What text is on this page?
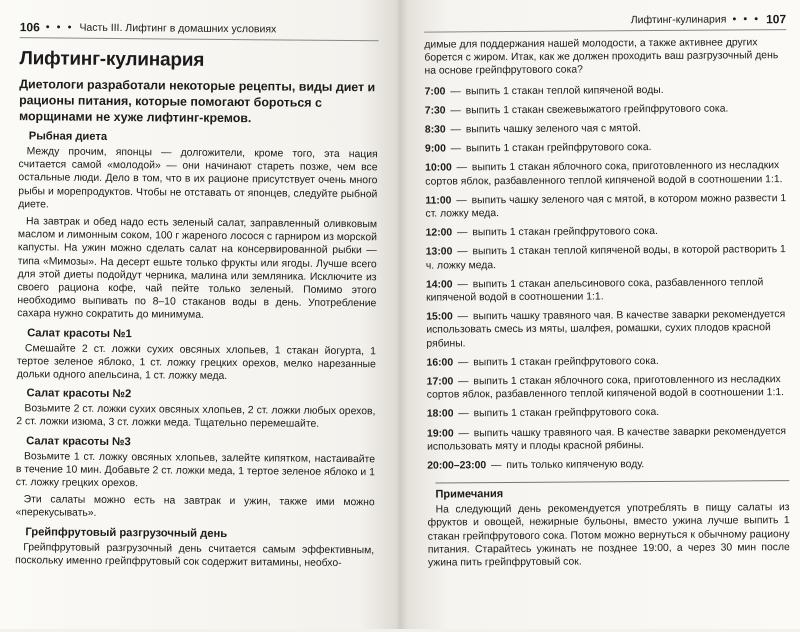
106 • • • Часть III. Лифтинг в домашних условиях
Лифтинг-кулинария
Диетологи разработали некоторые рецепты, виды диет и рационы питания, которые помогают бороться с морщинами не хуже лифтинг-кремов.
Рыбная диета

Между прочим, японцы — долгожители, кроме того, эта нация считается самой «молодой» — они начинают стареть позже, чем все остальные люди. Дело в том, что в их рационе присутствует очень много рыбы и морепродуктов. Чтобы не отставать от японцев, следуйте рыбной диете.

На завтрак и обед надо есть зеленый салат, заправленный оливковым маслом и лимонным соком, 100 г жареного лосося с гарниром из морской капусты. На ужин можно сделать салат на консервированной рыбки — типа «Мимозы». На десерт ешьте только фрукты или ягоды. Лучше всего для этой диеты подойдут черника, малина или земляника. Исключите из своего рациона кофе, чай пейте только зеленый. Помимо этого необходимо выпивать по 8–10 стаканов воды в день. Употребление сахара нужно сократить до минимума.

Салат красоты №1

Смешайте 2 ст. ложки сухих овсяных хлопьев, 1 стакан йогурта, 1 тертое зеленое яблоко, 1 ст. ложку грецких орехов, мелко нарезанные дольки одного апельсина, 1 ст. ложку меда.

Салат красоты №2

Возьмите 2 ст. ложки сухих овсяных хлопьев, 2 ст. ложки любых орехов, 2 ст. ложки изюма, 3 ст. ложки меда. Тщательно перемешайте.

Салат красоты №3

Возьмите 1 ст. ложку овсяных хлопьев, залейте кипятком, настаивайте в течение 10 мин. Добавьте 2 ст. ложки меда, 1 тертое зеленое яблоко и 1 ст. ложку грецких орехов.

Эти салаты можно есть на завтрак и ужин, также ими можно «перекусывать».

Грейпфрутовый разгрузочный день

Грейпфрутовый разгрузочный день считается самым эффективным, поскольку именно грейпфрутовый сок содержит витамины, необхо-

Лифтинг-кулинария • • • 107
димые для поддержания нашей молодости, а также активнее других борется с жиром. Итак, как же должен проходить ваш разгрузочный день на основе грейпфрутового сока?
7:00 — выпить 1 стакан теплой кипяченой воды.
7:30 — выпить 1 стакан свежевыжатого грейпфрутового сока.
8:30 — выпить чашку зеленого чая с мятой.
9:00 — выпить 1 стакан грейпфрутового сока.
10:00 — выпить 1 стакан яблочного сока, приготовленного из несладких сортов яблок, разбавленного теплой кипяченой водой в соотношении 1:1.
11:00 — выпить чашку зеленого чая с мятой, в котором можно развести 1 ст. ложку меда.
12:00 — выпить 1 стакан грейпфрутового сока.
13:00 — выпить 1 стакан теплой кипяченой воды, в которой растворить 1 ч. ложку меда.
14:00 — выпить 1 стакан апельсинового сока, разбавленного теплой кипяченой водой в соотношении 1:1.
15:00 — выпить чашку травяного чая. В качестве заварки рекомендуется использовать смесь из мяты, шалфея, ромашки, сухих плодов красной рябины.
16:00 — выпить 1 стакан грейпфрутового сока.
17:00 — выпить 1 стакан яблочного сока, приготовленного из несладких сортов яблок, разбавленного теплой кипяченой водой в соотношении 1:1.
18:00 — выпить 1 стакан грейпфрутового сока.
19:00 — выпить чашку травяного чая. В качестве заварки рекомендуется использовать мяту и плоды красной рябины.
20:00–23:00 — пить только кипяченую воду.
Примечания

На следующий день рекомендуется употреблять в пищу салаты из фруктов и овощей, нежирные бульоны, вместо ужина лучше выпить 1 стакан грейпфрутового сока. Потом можно вернуться к обычному рациону питания. Старайтесь ужинать не позднее 19:00, а через 30 мин после ужина пить грейпфрутовый сок.
